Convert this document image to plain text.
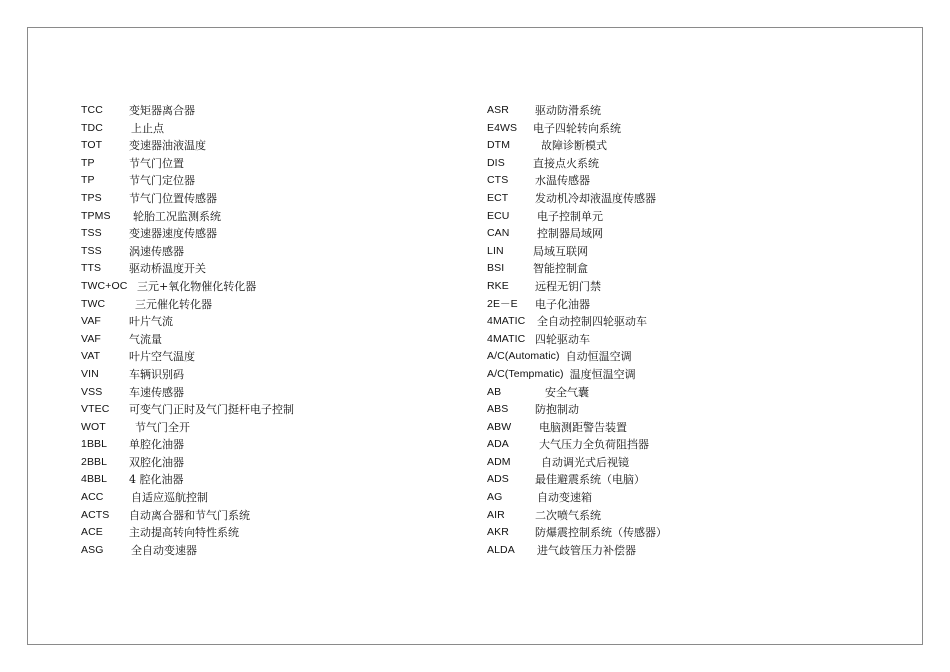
TCC	变矩器离合器
TDC	上止点
TOT	变速器油液温度
TP	节气门位置
TP	节气门定位器
TPS	节气门位置传感器
TPMS	轮胎工况监测系统
TSS	变速器速度传感器
TSS	涡速传感器
TTS	驱动桥温度开关
TWC+OC 三元+氧化物催化转化器
TWC	三元催化转化器
VAF	叶片气流
VAF	气流量
VAT	叶片空气温度
VIN	车辆识别码
VSS	车速传感器
VTEC	可变气门正时及气门挺杆电子控制
WOT	节气门全开
1BBL	单腔化油器
2BBL	双腔化油器
4BBL	4 腔化油器
ACC	自适应巡航控制
ACTS	自动离合器和节气门系统
ACE	主动提高转向特性系统
ASG	全自动变速器
ASR	驱动防滑系统
E4WS	电子四轮转向系统
DTM	故障诊断模式
DIS	直接点火系统
CTS	水温传感器
ECT	发动机冷却液温度传感器
ECU	电子控制单元
CAN	控制器局域网
LIN	局域互联网
BSI	智能控制盒
RKE	远程无钥门禁
2E－E	电子化油器
4MATIC	全自动控制四轮驱动车
4MATIC 四轮驱动车
A/C(Automatic) 自动恒温空调
A/C(Tempmatic) 温度恒温空调
AB	安全气囊
ABS	防抱制动
ABW	电脑测距警告装置
ADA	大气压力全负荷阻挡器
ADM	自动调光式后视镜
ADS	最佳避震系统（电脑）
AG	自动变速箱
AIR	二次喷气系统
AKR	防爆震控制系统（传感器）
ALDA	进气歧管压力补偿器
